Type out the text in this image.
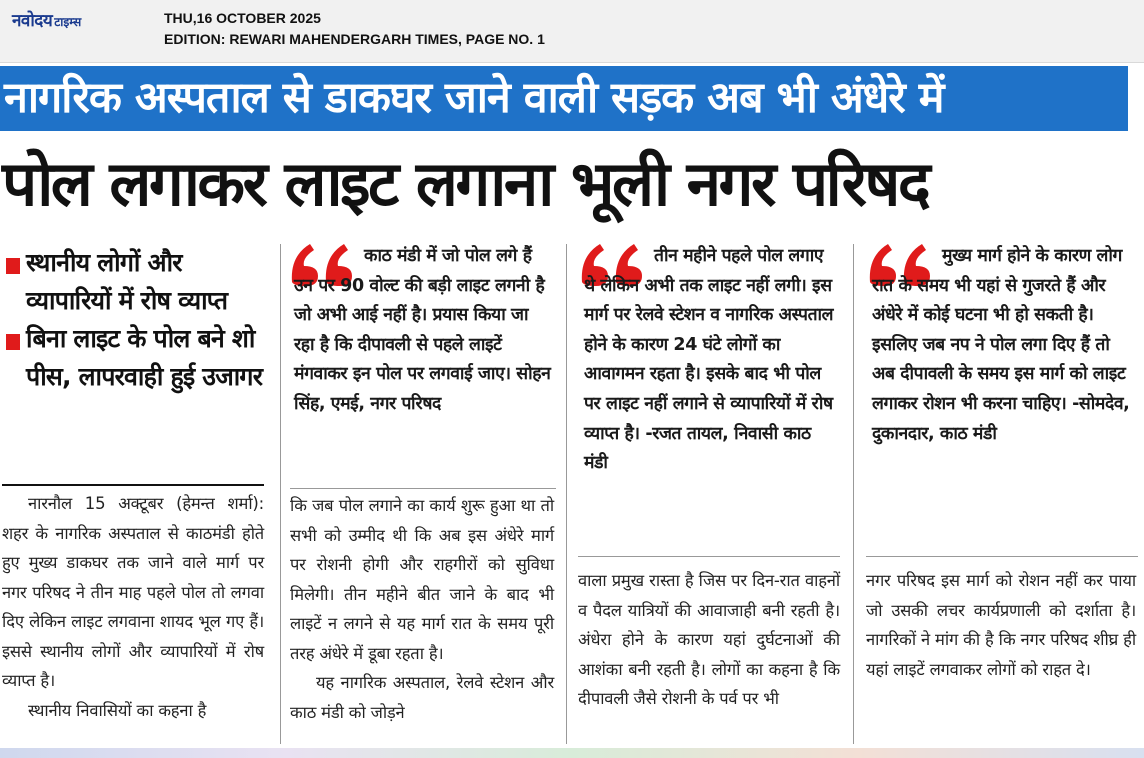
नवोदय टाइम्स	THU,16 OCTOBER 2025
EDITION: REWARI MAHENDERGARH TIMES, PAGE NO. 1
नागरिक अस्पताल से डाकघर जाने वाली सड़क अब भी अंधेरे में
पोल लगाकर लाइट लगाना भूली नगर परिषद
स्थानीय लोगों और व्यापारियों में रोष व्याप्त
बिना लाइट के पोल बने शो पीस, लापरवाही हुई उजागर
काठ मंडी में जो पोल लगे हैं उन पर 90 वोल्ट की बड़ी लाइट लगनी है जो अभी आई नहीं है। प्रयास किया जा रहा है कि दीपावली से पहले लाइटें मंगवाकर इन पोल पर लगवाई जाए। सोहन सिंह, एमई, नगर परिषद
तीन महीने पहले पोल लगाए थे लेकिन अभी तक लाइट नहीं लगी। इस मार्ग पर रेलवे स्टेशन व नागरिक अस्पताल होने के कारण 24 घंटे लोगों का आवागमन रहता है। इसके बाद भी पोल पर लाइट नहीं लगाने से व्यापारियों में रोष व्याप्त है। -रजत तायल, निवासी काठ मंडी
मुख्य मार्ग होने के कारण लोग रात के समय भी यहां से गुजरते हैं और अंधेरे में कोई घटना भी हो सकती है। इसलिए जब नप ने पोल लगा दिए हैं तो अब दीपावली के समय इस मार्ग को लाइट लगाकर रोशन भी करना चाहिए। -सोमदेव, दुकानदार, काठ मंडी

नारनौल 15 अक्टूबर (हेमन्त शर्मा): शहर के नागरिक अस्पताल से काठमंडी होते हुए मुख्य डाकघर तक जाने वाले मार्ग पर नगर परिषद ने तीन माह पहले पोल तो लगवा दिए लेकिन लाइट लगवाना शायद भूल गए हैं। इससे स्थानीय लोगों और व्यापारियों में रोष व्याप्त है।

स्थानीय निवासियों का कहना है

कि जब पोल लगाने का कार्य शुरू हुआ था तो सभी को उम्मीद थी कि अब इस अंधेरे मार्ग पर रोशनी होगी और राहगीरों को सुविधा मिलेगी। तीन महीने बीत जाने के बाद भी लाइटें न लगने से यह मार्ग रात के समय पूरी तरह अंधेरे में डूबा रहता है।

यह नागरिक अस्पताल, रेलवे स्टेशन और काठ मंडी को जोड़ने

वाला प्रमुख रास्ता है जिस पर दिन-रात वाहनों व पैदल यात्रियों की आवाजाही बनी रहती है। अंधेरा होने के कारण यहां दुर्घटनाओं की आशंका बनी रहती है। लोगों का कहना है कि दीपावली जैसे रोशनी के पर्व पर भी

नगर परिषद इस मार्ग को रोशन नहीं कर पाया जो उसकी लचर कार्यप्रणाली को दर्शाता है। नागरिकों ने मांग की है कि नगर परिषद शीघ्र ही यहां लाइटें लगवाकर लोगों को राहत दे।
